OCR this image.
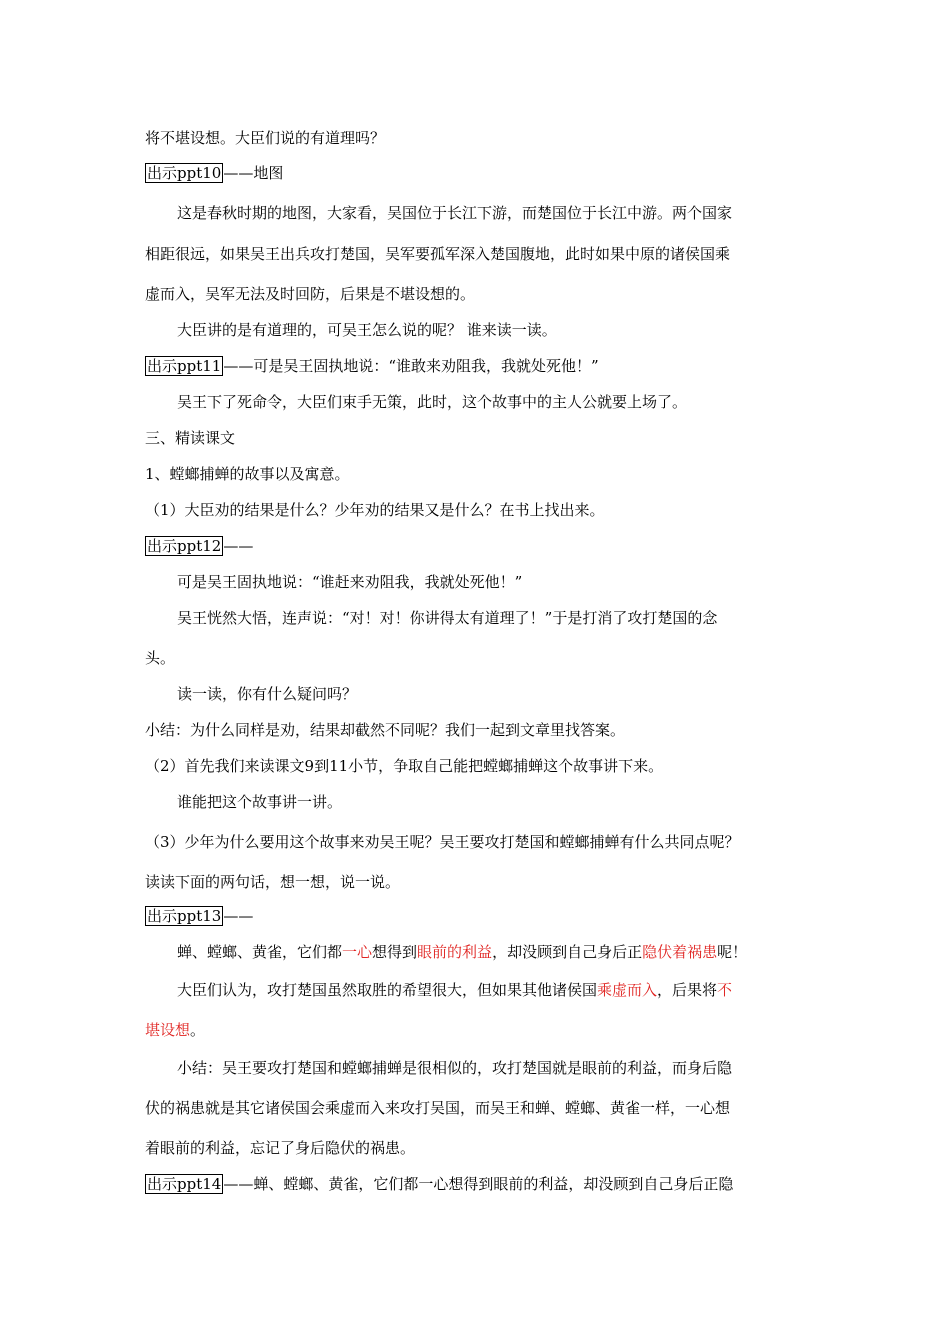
将不堪设想。大臣们说的有道理吗？
出示ppt10 ——地图
这是春秋时期的地图，大家看，吴国位于长江下游，而楚国位于长江中游。两个国家
相距很远，如果吴王出兵攻打楚国，吴军要孤军深入楚国腹地，此时如果中原的诸侯国乘
虚而入，吴军无法及时回防，后果是不堪设想的。
大臣讲的是有道理的，可吴王怎么说的呢？ 谁来读一读。
出示ppt11 ——可是吴王固执地说：“谁敢来劝阻我，我就处死他！”
吴王下了死命令，大臣们束手无策，此时，这个故事中的主人公就要上场了。
三、精读课文
1、螳螂捕蝉的故事以及寓意。
（1）大臣劝的结果是什么？少年劝的结果又是什么？在书上找出来。
出示ppt12 ——
可是吴王固执地说：“谁赶来劝阻我，我就处死他！”
吴王恍然大悟，连声说：“对！对！你讲得太有道理了！”于是打消了攻打楚国的念
头。
读一读，你有什么疑问吗？
小结：为什么同样是劝，结果却截然不同呢？我们一起到文章里找答案。
（2）首先我们来读课文9到11小节，争取自己能把螳螂捕蝉这个故事讲下来。
谁能把这个故事讲一讲。
（3）少年为什么要用这个故事来劝吴王呢？吴王要攻打楚国和螳螂捕蝉有什么共同点呢？
读读下面的两句话，想一想，说一说。
出示ppt13 ——
蝉、螳螂、黄雀，它们都一心想得到眼前的利益，却没顾到自己身后正隐伏着祸患呢！
大臣们认为，攻打楚国虽然取胜的希望很大，但如果其他诸侯国乘虚而入，后果将不
堪设想。
小结：吴王要攻打楚国和螳螂捕蝉是很相似的，攻打楚国就是眼前的利益，而身后隐
伏的祸患就是其它诸侯国会乘虚而入来攻打吴国，而吴王和蝉、螳螂、黄雀一样，一心想
着眼前的利益，忘记了身后隐伏的祸患。
出示ppt14 ——蝉、螳螂、黄雀，它们都一心想得到眼前的利益，却没顾到自己身后正隐
